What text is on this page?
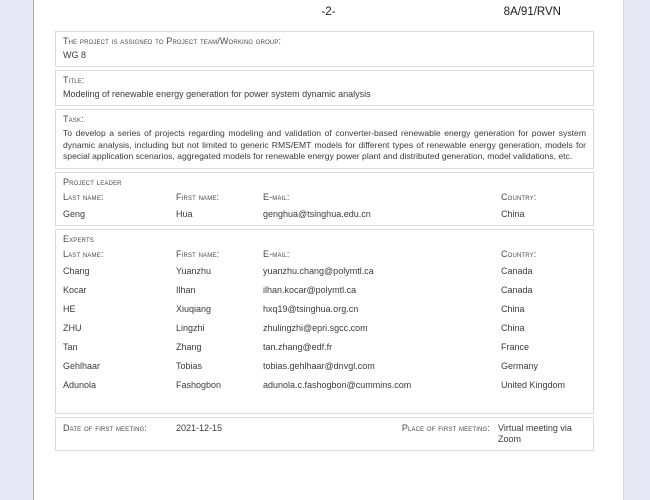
-2-	8A/91/RVN
The project is assigned to Project team/Working group:
WG 8
Title:
Modeling of renewable energy generation for power system dynamic analysis
Task:
To develop a series of projects regarding modeling and validation of converter-based renewable energy generation for power system dynamic analysis, including but not limited to generic RMS/EMT models for different types of renewable energy generation, models for special application scenarios, aggregated models for renewable energy power plant and distributed generation, model validations, etc.
Project leader
Last name:	First name:	E-mail:	Country:
Geng	Hua	genghua@tsinghua.edu.cn	China
Experts
Last name:	First name:	E-mail:	Country:
Chang	Yuanzhu	yuanzhu.chang@polymtl.ca	Canada
Kocar	Ilhan	ilhan.kocar@polymtl.ca	Canada
HE	Xiuqiang	hxq19@tsinghua.org.cn	China
ZHU	Lingzhi	zhulingzhi@epri.sgcc.com	China
Tan	Zhang	tan.zhang@edf.fr	France
Gehlhaar	Tobias	tobias.gehlhaar@dnvgl.com	Germany
Adunola	Fashogbon	adunola.c.fashogbon@cummins.com	United Kingdom
Date of first meeting:	2021-12-15	Place of first meeting: Virtual meeting via Zoom
